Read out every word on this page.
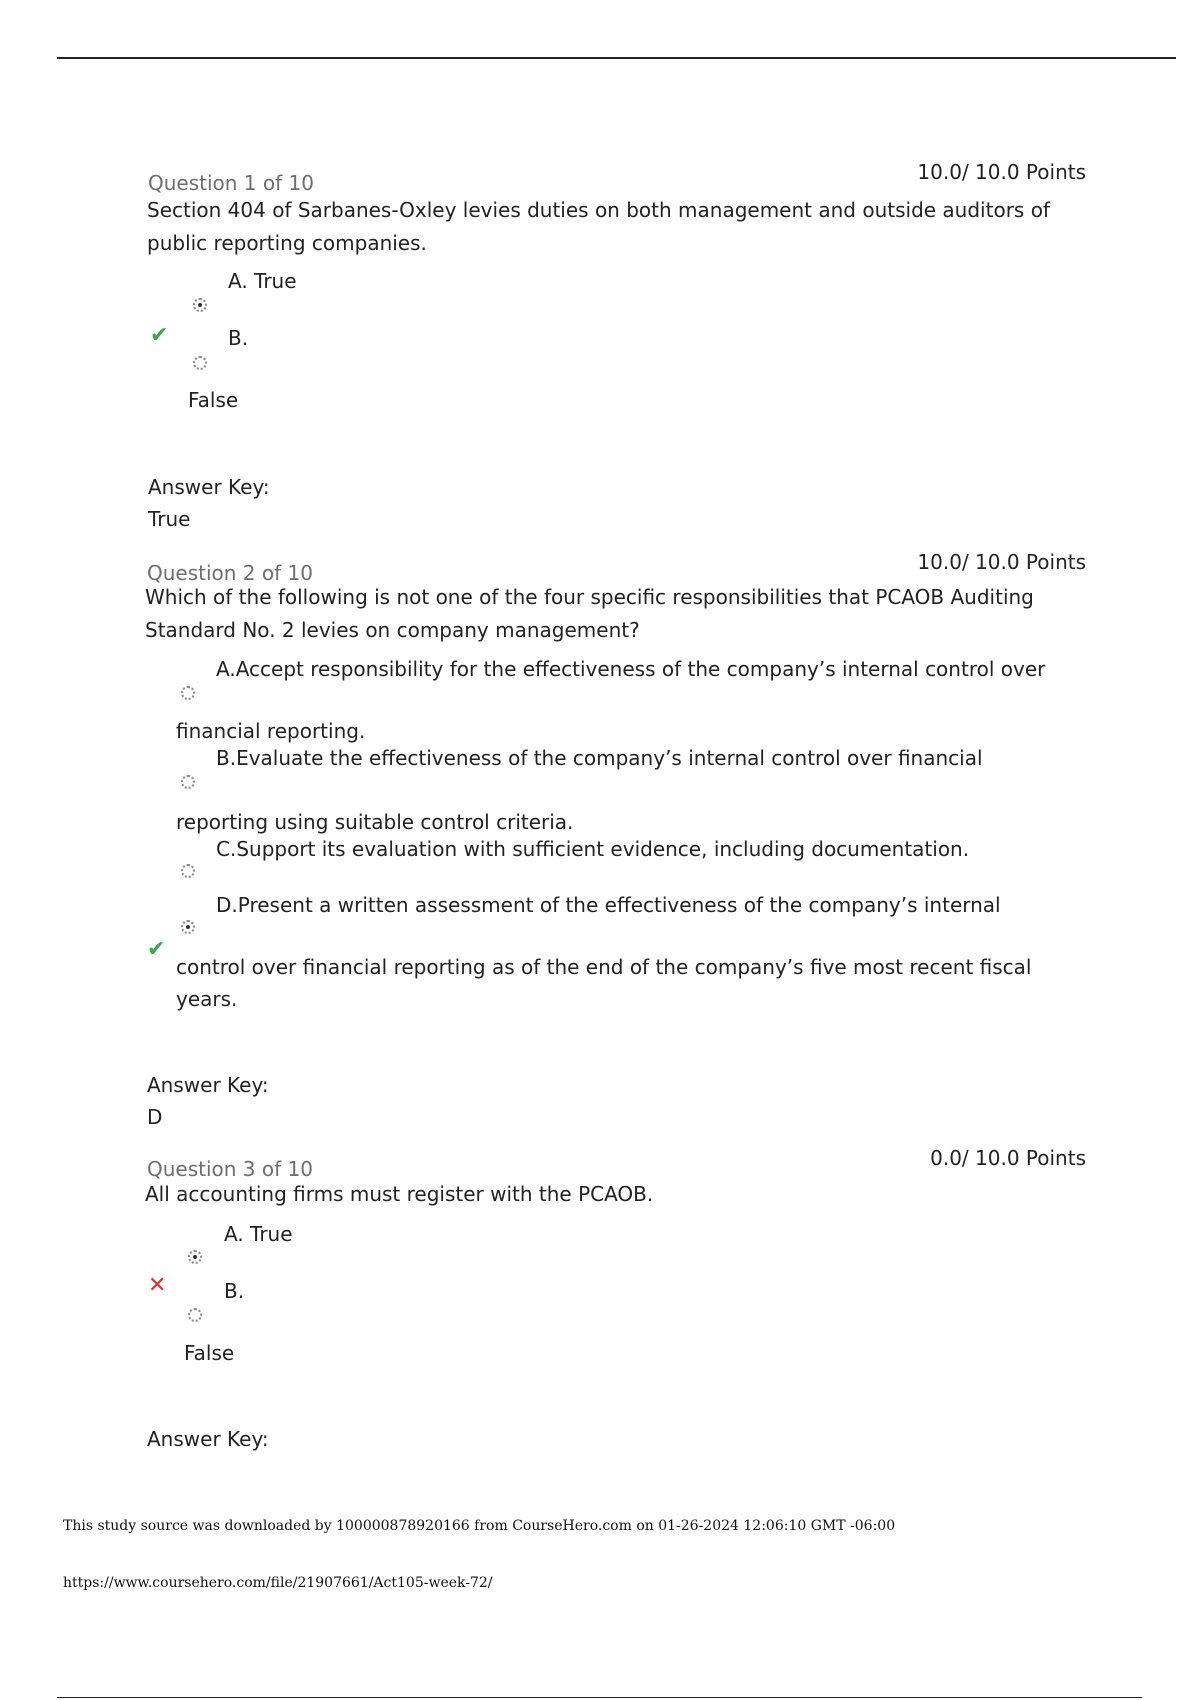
Question 1 of 10	10.0/ 10.0 Points
Section 404 of Sarbanes-Oxley levies duties on both management and outside auditors of public reporting companies.
A. True
✔	B.
False
Answer Key:
True
Question 2 of 10	10.0/ 10.0 Points
Which of the following is not one of the four specific responsibilities that PCAOB Auditing Standard No. 2 levies on company management?
A.Accept responsibility for the effectiveness of the company’s internal control over
financial reporting.
B.Evaluate the effectiveness of the company’s internal control over financial
reporting using suitable control criteria.
C.Support its evaluation with sufficient evidence, including documentation.
D.Present a written assessment of the effectiveness of the company’s internal
✔
control over financial reporting as of the end of the company’s five most recent fiscal
years.
Answer Key:
D
Question 3 of 10	0.0/ 10.0 Points
All accounting firms must register with the PCAOB.
A. True
✕	B.
False
Answer Key:
This study source was downloaded by 100000878920166 from CourseHero.com on 01-26-2024 12:06:10 GMT -06:00
https://www.coursehero.com/file/21907661/Act105-week-72/
